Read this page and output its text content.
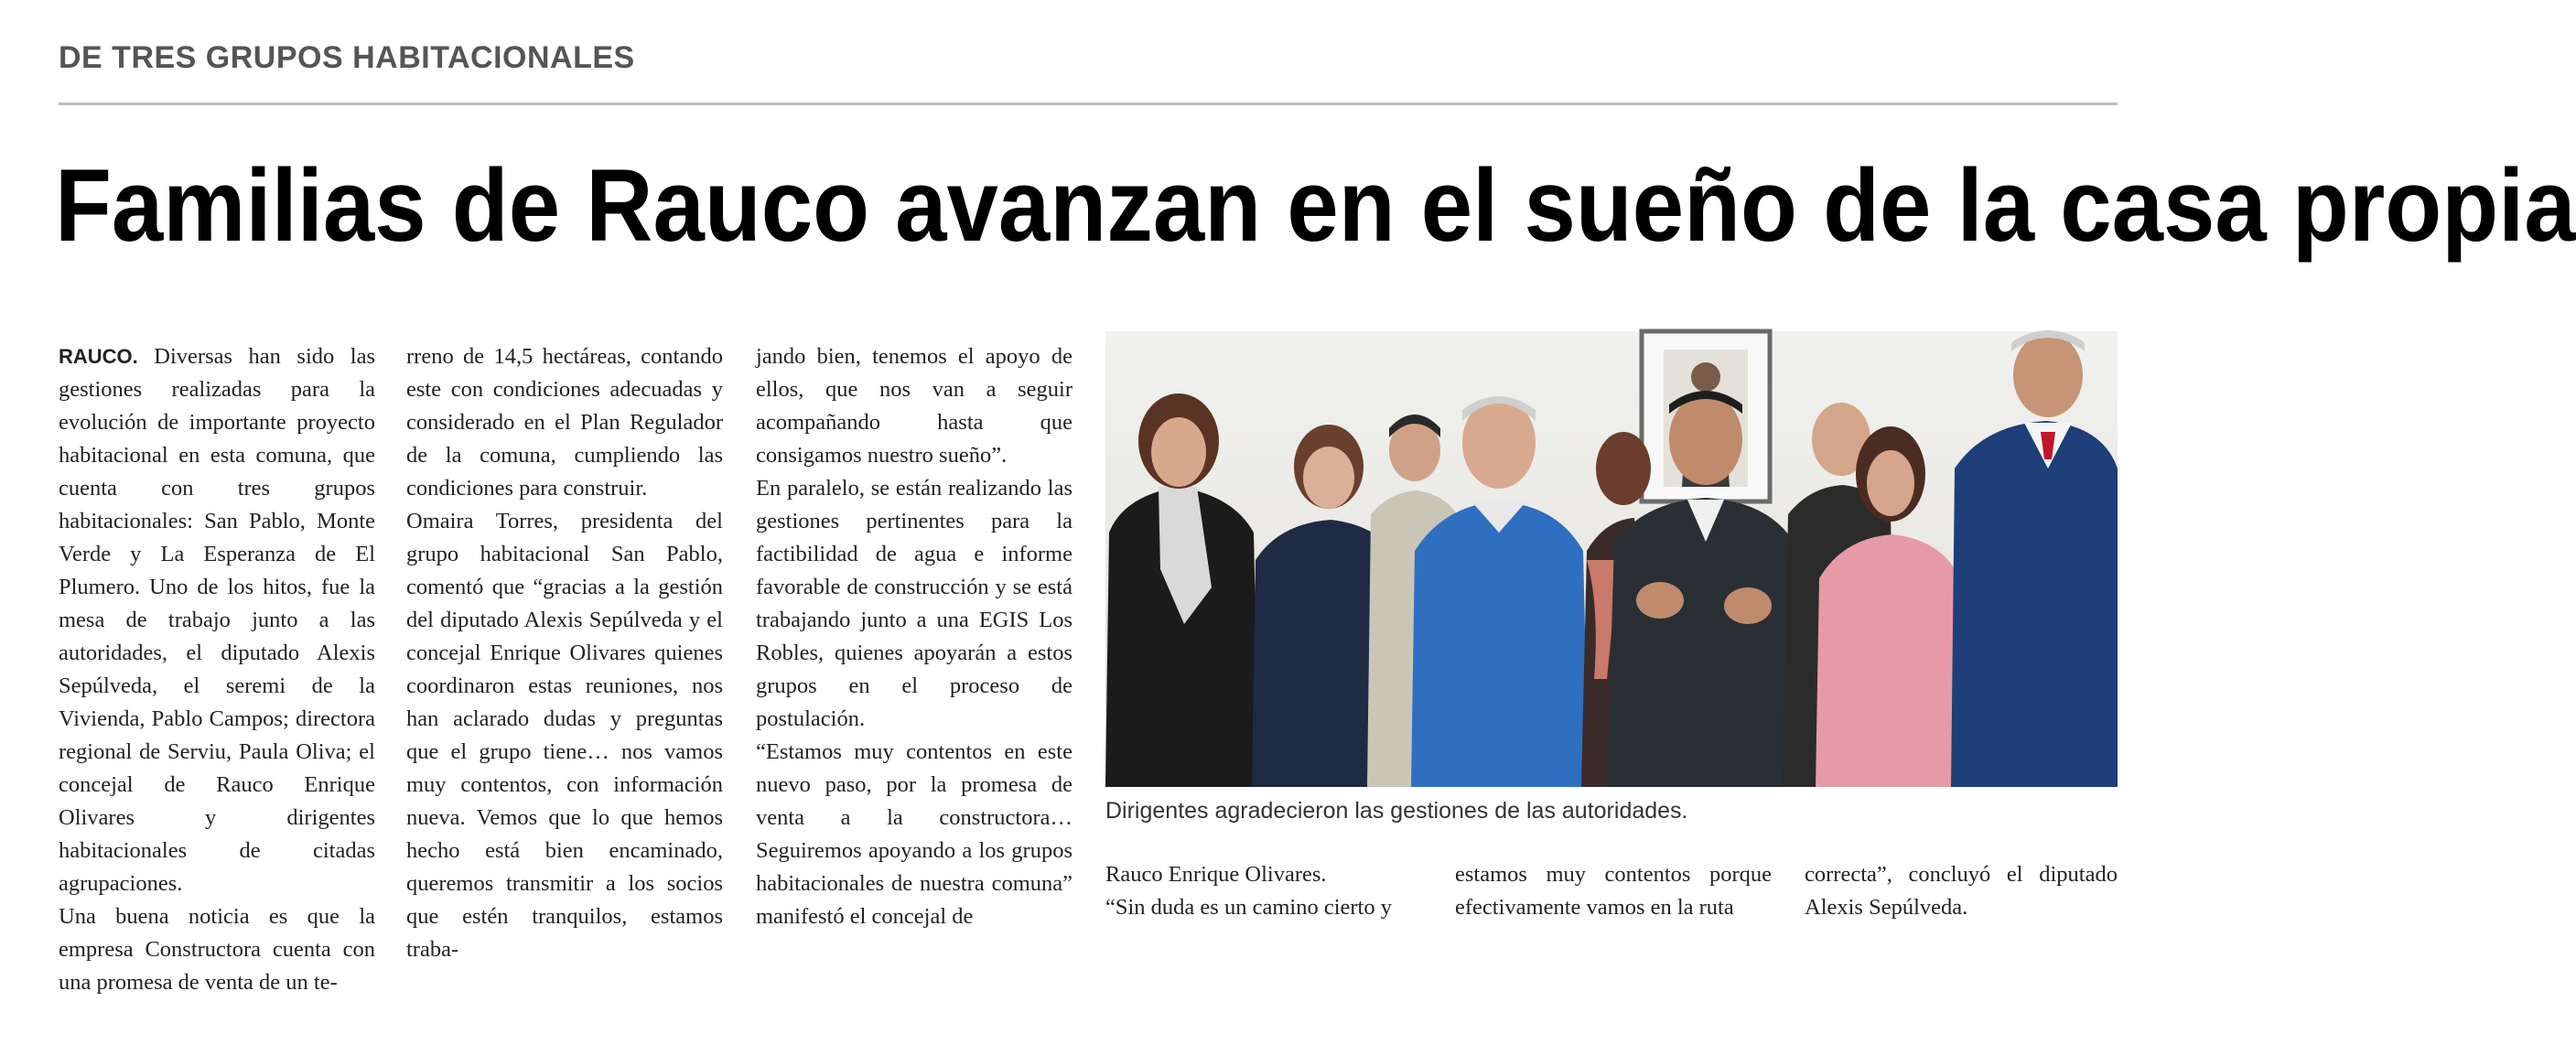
DE TRES GRUPOS HABITACIONALES
Familias de Rauco avanzan en el sueño de la casa propia

RAUCO. Diversas han sido las gestiones realizadas para la evolución de importante proyecto habitacional en esta comuna, que cuenta con tres grupos habitacionales: San Pablo, Monte Verde y La Esperanza de El Plumero. Uno de los hitos, fue la mesa de trabajo junto a las autoridades, el diputado Alexis Sepúlveda, el seremi de la Vivienda, Pablo Campos; directora regional de Serviu, Paula Oliva; el concejal de Rauco Enrique Olivares y dirigentes habitacionales de citadas agrupaciones.

Una buena noticia es que la empresa Constructora cuenta con una promesa de venta de un te-

rreno de 14,5 hectáreas, contando este con condiciones adecuadas y considerado en el Plan Regulador de la comuna, cumpliendo las condiciones para construir.

Omaira Torres, presidenta del grupo habitacional San Pablo, comentó que “gracias a la gestión del diputado Alexis Sepúlveda y el concejal Enrique Olivares quienes coordinaron estas reuniones, nos han aclarado dudas y preguntas que el grupo tiene… nos vamos muy contentos, con información nueva. Vemos que lo que hemos hecho está bien encaminado, queremos transmitir a los socios que estén tranquilos, estamos traba-

jando bien, tenemos el apoyo de ellos, que nos van a seguir acompañando hasta que consigamos nuestro sueño”.

En paralelo, se están realizando las gestiones pertinentes para la factibilidad de agua e informe favorable de construcción y se está trabajando junto a una EGIS Los Robles, quienes apoyarán a estos grupos en el proceso de postulación.

“Estamos muy contentos en este nuevo paso, por la promesa de venta a la constructora… Seguiremos apoyando a los grupos habitacionales de nuestra comuna” manifestó el concejal de

Dirigentes agradecieron las gestiones de las autoridades.

Rauco Enrique Olivares.

“Sin duda es un camino cierto y

estamos muy contentos porque efectivamente vamos en la ruta

correcta”, concluyó el diputado Alexis Sepúlveda.
